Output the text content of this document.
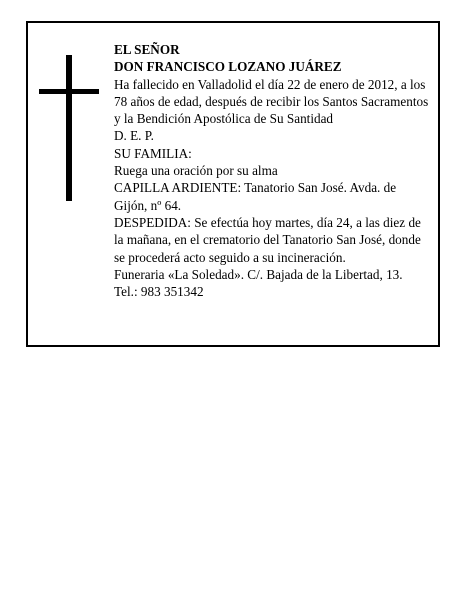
EL SEÑOR

DON FRANCISCO LOZANO JUÁREZ

Ha fallecido en Valladolid el día 22 de enero de 2012, a los 78 años de edad, después de recibir los Santos Sacramentos y la Bendición Apostólica de Su Santidad

D. E. P.

SU FAMILIA:

Ruega una oración por su alma

CAPILLA ARDIENTE: Tanatorio San José. Avda. de Gijón, nº 64.

DESPEDIDA: Se efectúa hoy martes, día 24, a las diez de la mañana, en el crematorio del Tanatorio San José, donde se procederá acto seguido a su incineración.

Funeraria «La Soledad». C/. Bajada de la Libertad, 13.

Tel.: 983 351342
